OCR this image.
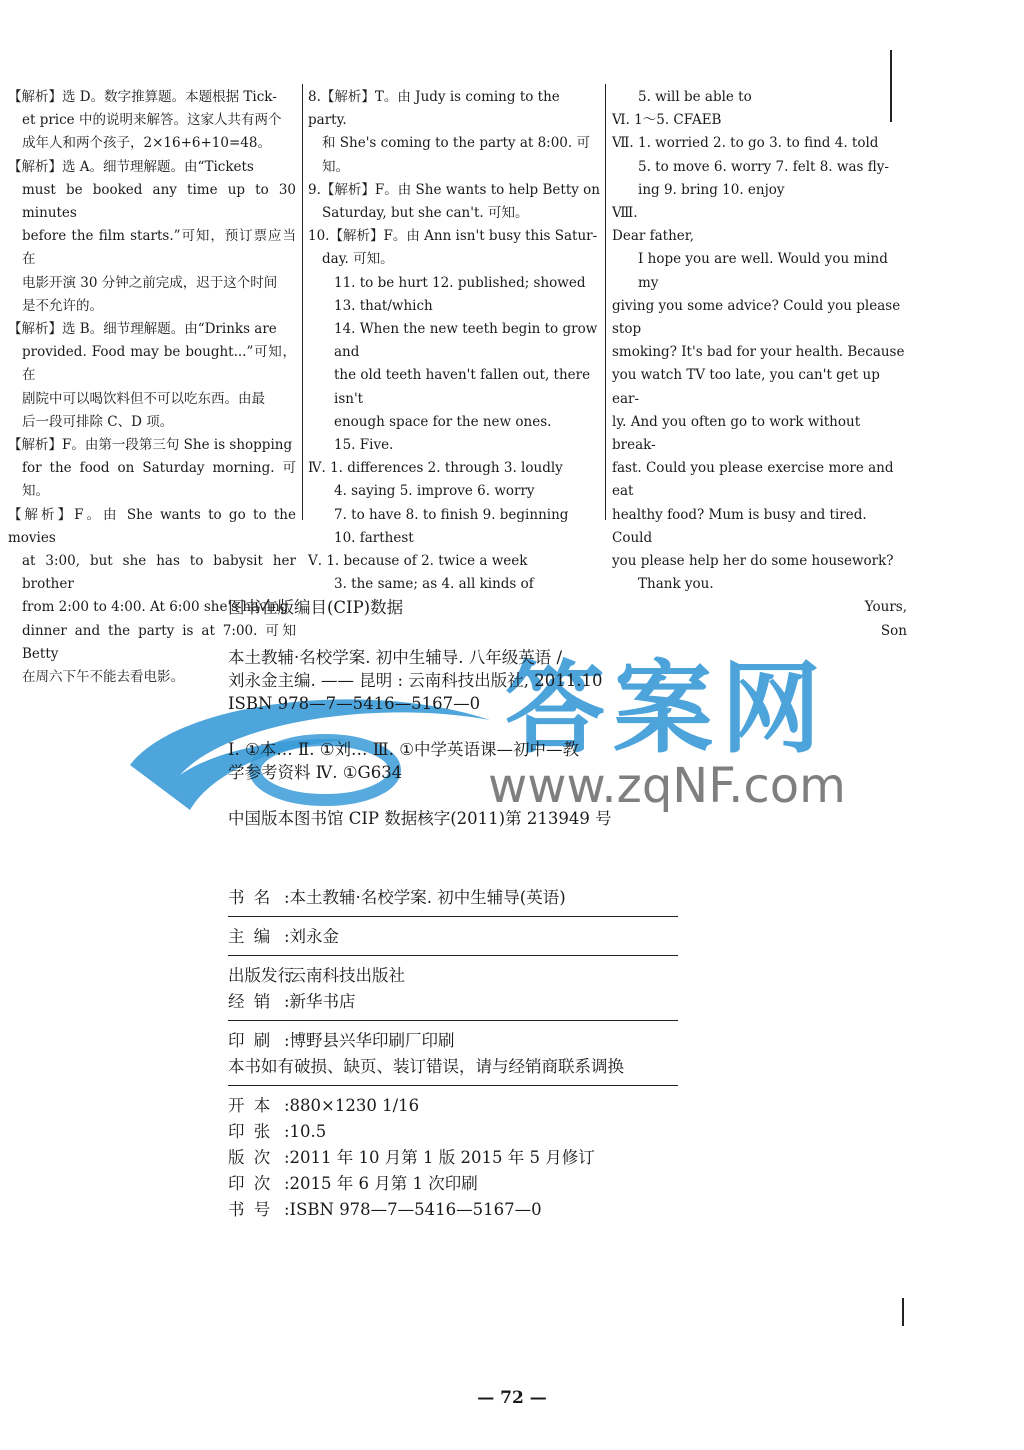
【解析】选 D。数字推算题。本题根据 Tick-

et price 中的说明来解答。这家人共有两个

成年人和两个孩子，2×16+6+10=48。

【解析】选 A。细节理解题。由“Tickets

must be booked any time up to 30 minutes

before the film starts.”可知，预订票应当在

电影开演 30 分钟之前完成，迟于这个时间

是不允许的。

【解析】选 B。细节理解题。由“Drinks are

provided. Food may be bought...”可知，在

剧院中可以喝饮料但不可以吃东西。由最

后一段可排除 C、D 项。

【解析】F。由第一段第三句 She is shopping

for the food on Saturday morning. 可知。

【解析】F。由 She wants to go to the movies

at 3:00, but she has to babysit her brother

from 2:00 to 4:00. At 6:00 she's having

dinner and the party is at 7:00. 可知 Betty

在周六下午不能去看电影。

8.【解析】T。由 Judy is coming to the party.

和 She's coming to the party at 8:00. 可知。

9.【解析】F。由 She wants to help Betty on

Saturday, but she can't. 可知。

10.【解析】F。由 Ann isn't busy this Satur-

day. 可知。

11. to be hurt 12. published; showed

13. that/which

14. When the new teeth begin to grow and

the old teeth haven't fallen out, there isn't

enough space for the new ones.

15. Five.

Ⅳ. 1. differences 2. through 3. loudly

4. saying 5. improve 6. worry

7. to have 8. to finish 9. beginning

10. farthest

Ⅴ. 1. because of 2. twice a week

3. the same; as 4. all kinds of

5. will be able to

Ⅵ. 1～5. CFAEB

Ⅶ. 1. worried 2. to go 3. to find 4. told

5. to move 6. worry 7. felt 8. was fly-

ing 9. bring 10. enjoy

Ⅷ.

Dear father,

I hope you are well. Would you mind my

giving you some advice? Could you please stop

smoking? It's bad for your health. Because

you watch TV too late, you can't get up ear-

ly. And you often go to work without break-

fast. Could you please exercise more and eat

healthy food? Mum is busy and tired. Could

you please help her do some housework?

Thank you.

Yours,

Son

答案网
www.zqNF.com

图书在版编目(CIP)数据

本土教辅·名校学案. 初中生辅导. 八年级英语 /

刘永金主编. —— 昆明 : 云南科技出版社, 2011.10

ISBN 978—7—5416—5167—0

Ⅰ. ①本… Ⅱ. ①刘… Ⅲ. ①中学英语课—初中—教

学参考资料 Ⅳ. ①G634

中国版本图书馆 CIP 数据核字(2011)第 213949 号

书 名 :本土教辅·名校学案. 初中生辅导(英语)

主 编 :刘永金

出版发行:云南科技出版社

经 销 :新华书店

印 刷 :博野县兴华印刷厂印刷

本书如有破损、缺页、装订错误，请与经销商联系调换

开 本 :880×1230 1/16

印 张 :10.5

版 次 :2011 年 10 月第 1 版 2015 年 5 月修订

印 次 :2015 年 6 月第 1 次印刷

书 号 :ISBN 978—7—5416—5167—0

— 72 —
